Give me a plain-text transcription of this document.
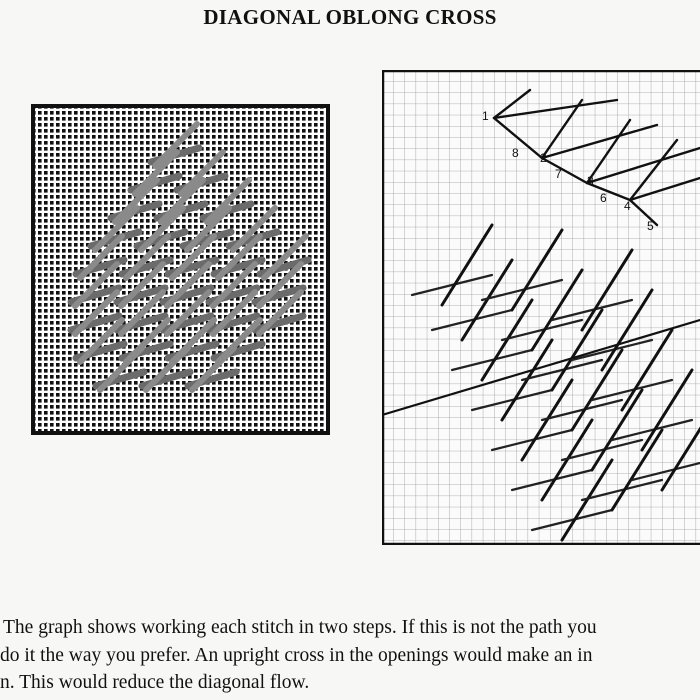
DIAGONAL OBLONG CROSS
1
8 2
7 3
6
4
5
The graph shows working each stitch in two steps. If this is not the path you
do it the way you prefer. An upright cross in the openings would make an in
n. This would reduce the diagonal flow.
